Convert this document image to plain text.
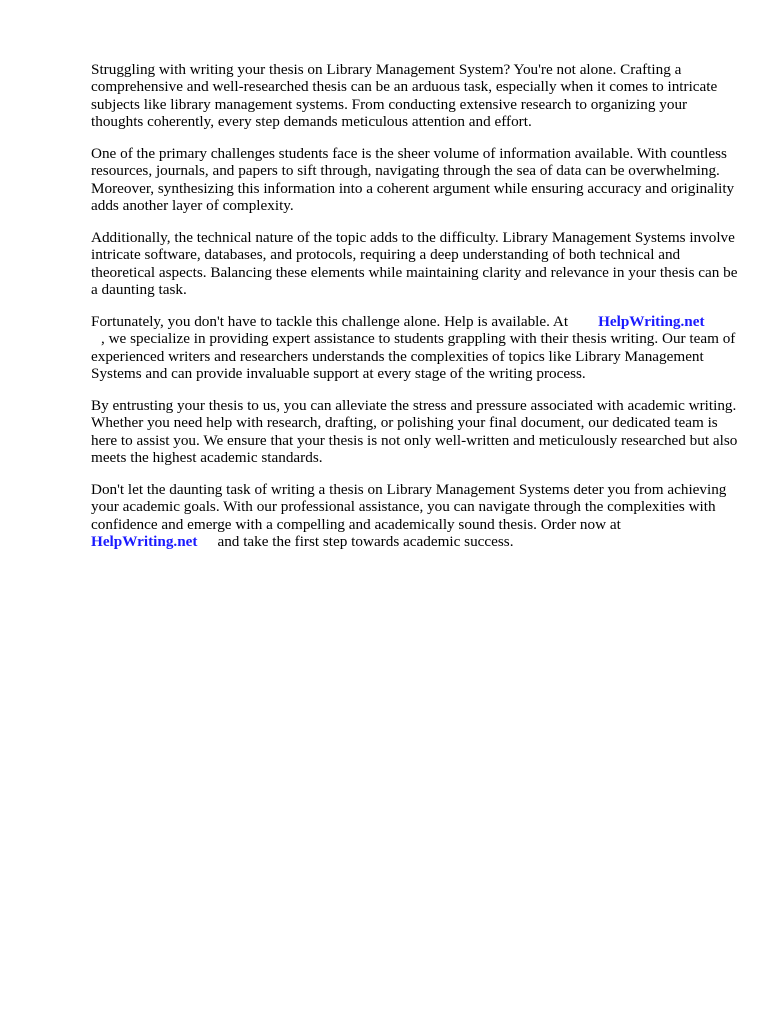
Struggling with writing your thesis on Library Management System? You're not alone. Crafting a comprehensive and well-researched thesis can be an arduous task, especially when it comes to intricate subjects like library management systems. From conducting extensive research to organizing your thoughts coherently, every step demands meticulous attention and effort.

One of the primary challenges students face is the sheer volume of information available. With countless resources, journals, and papers to sift through, navigating through the sea of data can be overwhelming. Moreover, synthesizing this information into a coherent argument while ensuring accuracy and originality adds another layer of complexity.

Additionally, the technical nature of the topic adds to the difficulty. Library Management Systems involve intricate software, databases, and protocols, requiring a deep understanding of both technical and theoretical aspects. Balancing these elements while maintaining clarity and relevance in your thesis can be a daunting task.

Fortunately, you don't have to tackle this challenge alone. Help is available. At HelpWriting.net
, we specialize in providing expert assistance to students grappling with their thesis writing. Our team of experienced writers and researchers understands the complexities of topics like Library Management Systems and can provide invaluable support at every stage of the writing process.

By entrusting your thesis to us, you can alleviate the stress and pressure associated with academic writing. Whether you need help with research, drafting, or polishing your final document, our dedicated team is here to assist you. We ensure that your thesis is not only well-written and meticulously researched but also meets the highest academic standards.

Don't let the daunting task of writing a thesis on Library Management Systems deter you from achieving your academic goals. With our professional assistance, you can navigate through the complexities with confidence and emerge with a compelling and academically sound thesis. Order now atHelpWriting.net and take the first step towards academic success.
